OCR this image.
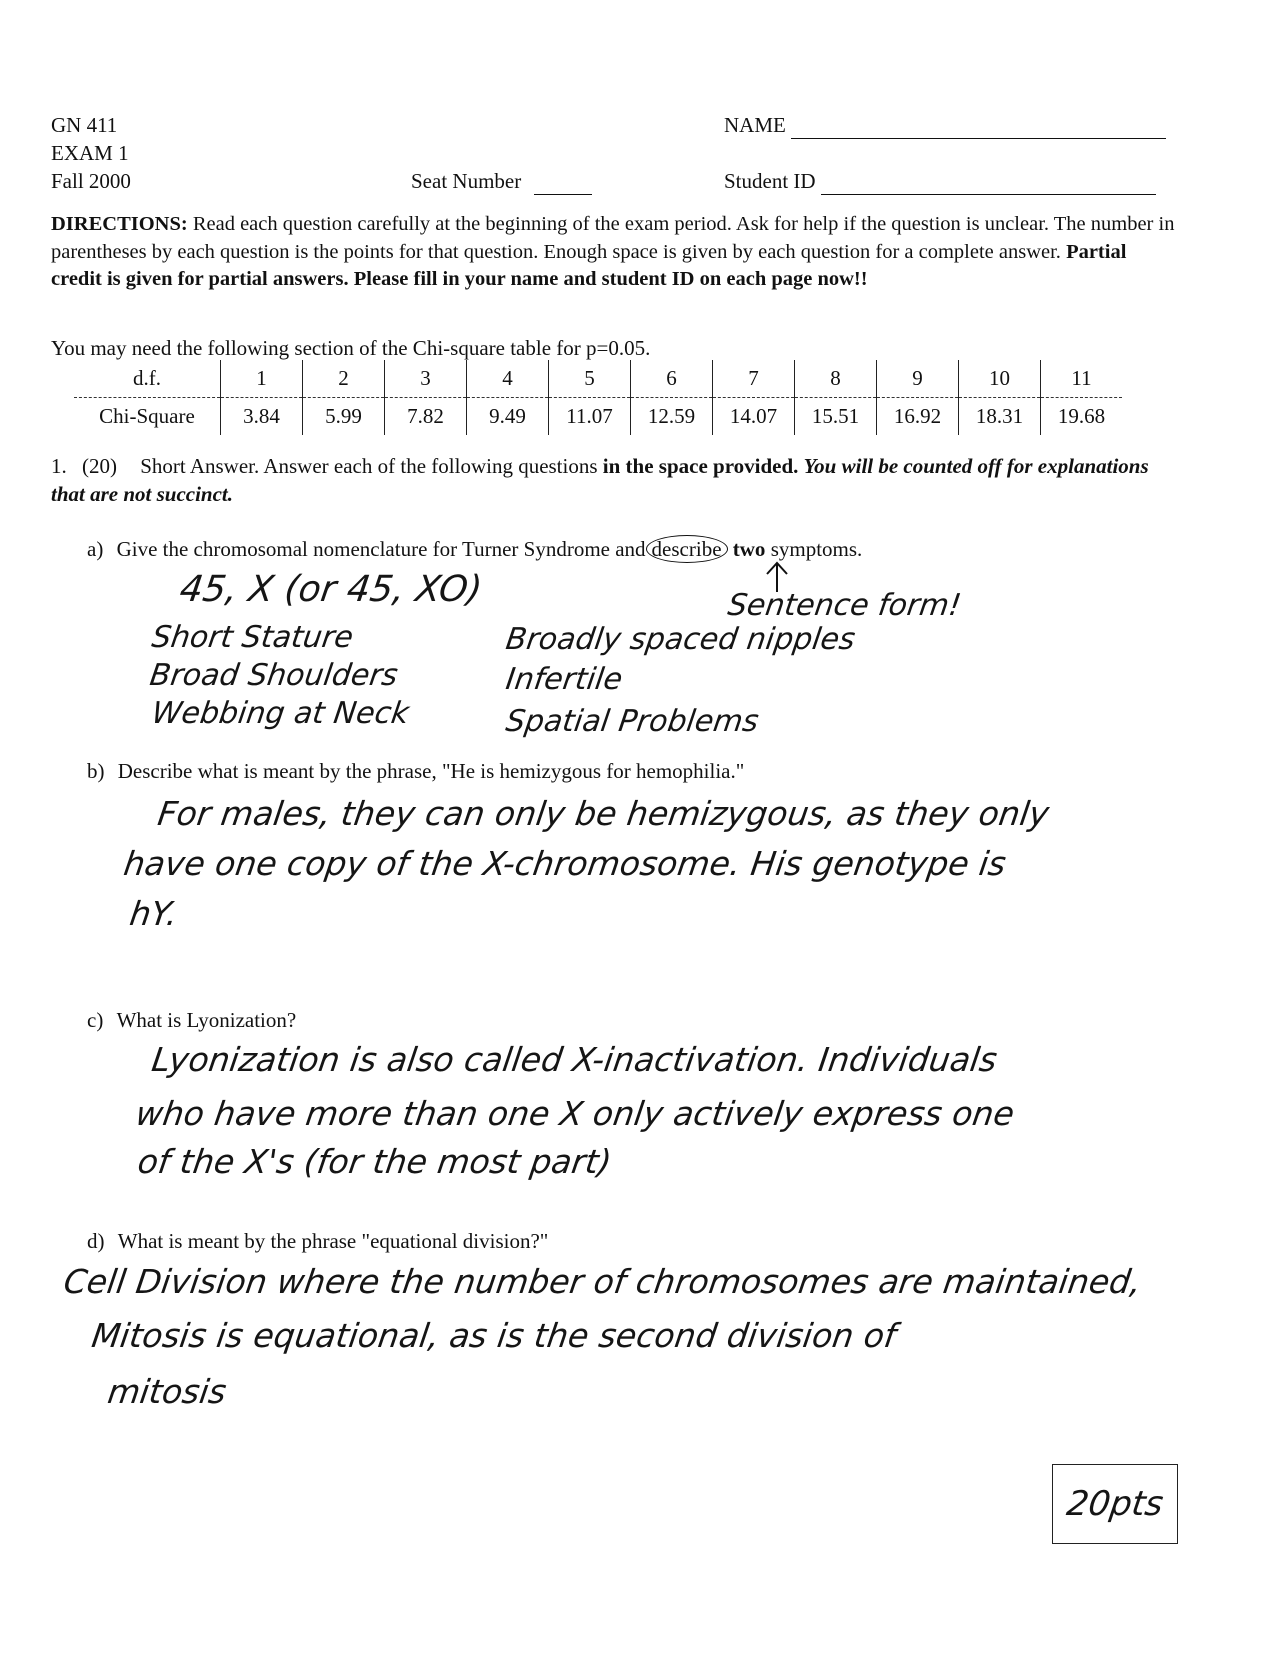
GN 411
EXAM 1
Fall 2000	Seat Number
NAME
Student ID
DIRECTIONS: Read each question carefully at the beginning of the exam period. Ask for help if the question is unclear. The number in parentheses by each question is the points for that question. Enough space is given by each question for a complete answer. Partial credit is given for partial answers. Please fill in your name and student ID on each page now!!
You may need the following section of the Chi-square table for p=0.05.
d.f.	1	2	3	4	5	6	7	8	9	10	11
Chi-Square	3.84	5.99	7.82	9.49	11.07	12.59	14.07	15.51	16.92	18.31	19.68
1. (20) Short Answer. Answer each of the following questions in the space provided. You will be counted off for explanations that are not succinct.
a) Give the chromosomal nomenclature for Turner Syndrome and describe two symptoms.
45, X (or 45, XO)	Sentence form!
Short Stature
Broad Shoulders
Webbing at Neck
Broadly spaced nipples
Infertile
Spatial Problems
b) Describe what is meant by the phrase, "He is hemizygous for hemophilia."
For males, they can only be hemizygous, as they only
have one copy of the X-chromosome. His genotype is
hY.
c) What is Lyonization?
Lyonization is also called X-inactivation. Individuals
who have more than one X only actively express one
of the X's (for the most part)
d) What is meant by the phrase "equational division?"
Cell Division where the number of chromosomes are maintained,
Mitosis is equational, as is the second division of
mitosis
20pts
